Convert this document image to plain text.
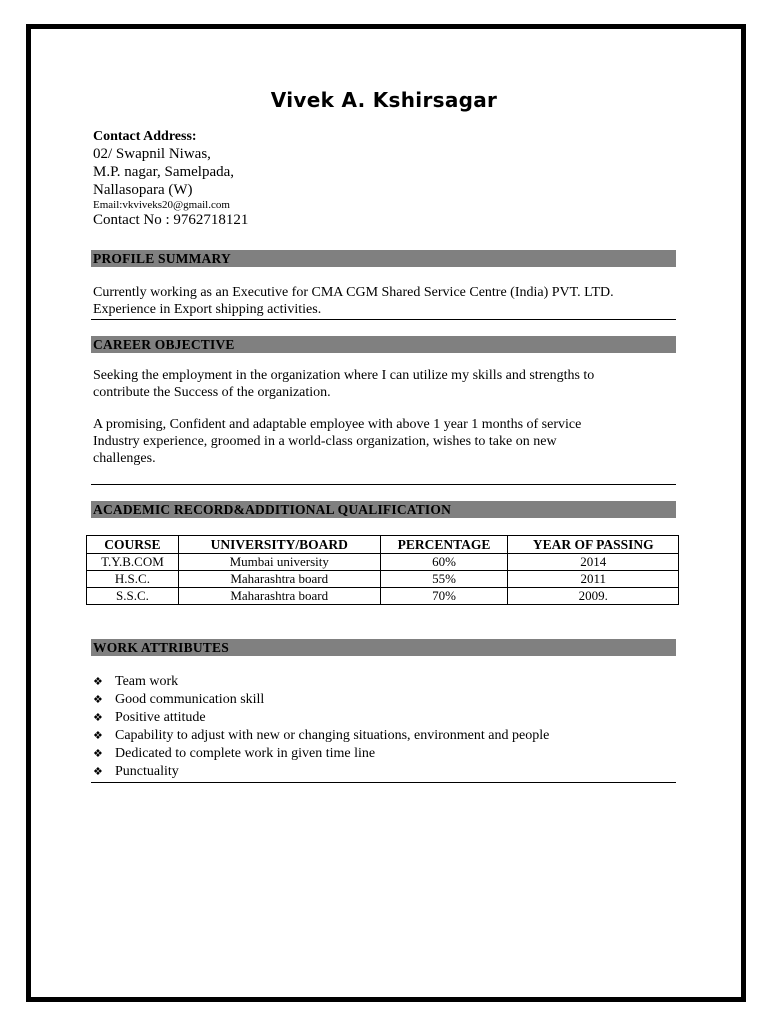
Vivek A. Kshirsagar
Contact Address:
02/ Swapnil Niwas,
M.P. nagar, Samelpada,
Nallasopara (W)
Email:vkviveks20@gmail.com
Contact No : 9762718121
PROFILE SUMMARY
Currently working as an Executive for CMA CGM Shared Service Centre (India) PVT. LTD.
Experience in Export shipping activities.
CAREER OBJECTIVE
Seeking the employment in the organization where I can utilize my skills and strengths to
contribute the Success of the organization.
A promising, Confident and adaptable employee with above 1 year 1 months of service
Industry experience, groomed in a world-class organization, wishes to take on new
challenges.
ACADEMIC RECORD&ADDITIONAL QUALIFICATION
COURSE	UNIVERSITY/BOARD	PERCENTAGE	YEAR OF PASSING
T.Y.B.COM	Mumbai university	60%	2014
H.S.C.	Maharashtra board	55%	2011
S.S.C.	Maharashtra board	70%	2009.
WORK ATTRIBUTES
❖ Team work
❖ Good communication skill
❖ Positive attitude
❖ Capability to adjust with new or changing situations, environment and people
❖ Dedicated to complete work in given time line
❖ Punctuality
